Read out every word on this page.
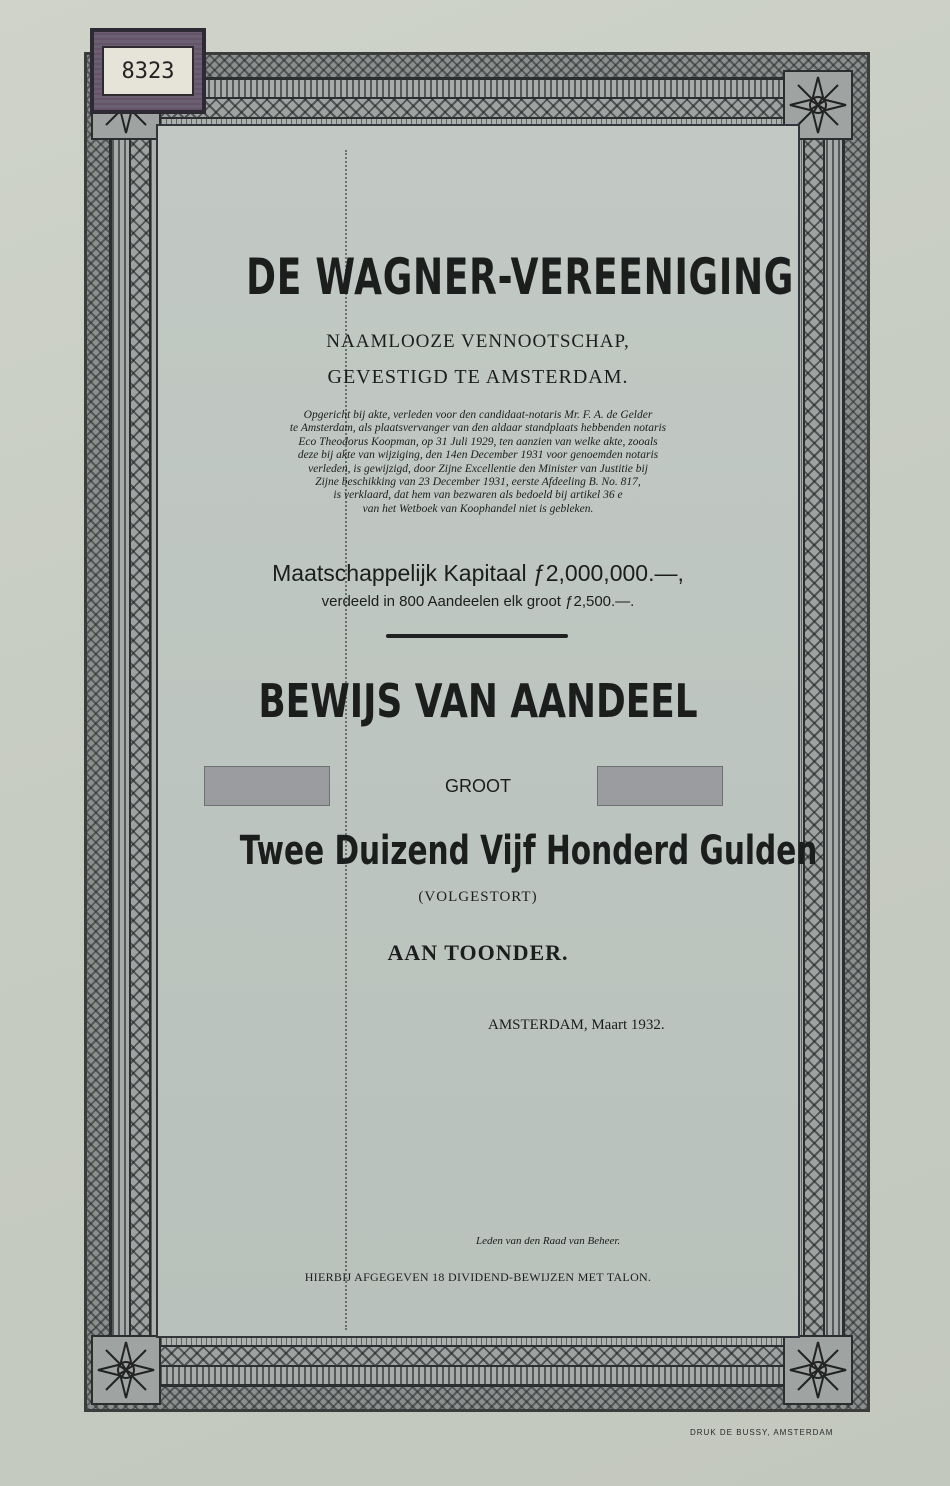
8323
DE WAGNER-VEREENIGING
NAAMLOOZE VENNOOTSCHAP,
GEVESTIGD TE AMSTERDAM.
Opgericht bij akte, verleden voor den candidaat-notaris Mr. F. A. de Gelder
te Amsterdam, als plaatsvervanger van den aldaar standplaats hebbenden notaris
Eco Theodorus Koopman, op 31 Juli 1929, ten aanzien van welke akte, zooals
deze bij akte van wijziging, den 14en December 1931 voor genoemden notaris
verleden, is gewijzigd, door Zijne Excellentie den Minister van Justitie bij
Zijne beschikking van 23 December 1931, eerste Afdeeling B. No. 817,
is verklaard, dat hem van bezwaren als bedoeld bij artikel 36 e
van het Wetboek van Koophandel niet is gebleken.
Maatschappelijk Kapitaal ƒ2,000,000.—,
verdeeld in 800 Aandeelen elk groot ƒ2,500.—.
BEWIJS VAN AANDEEL
GROOT
Twee Duizend Vijf Honderd Gulden
(VOLGESTORT)
AAN TOONDER.
AMSTERDAM, Maart 1932.
Leden van den Raad van Beheer.
HIERBIJ AFGEGEVEN 18 DIVIDEND-BEWIJZEN MET TALON.
DRUK DE BUSSY, AMSTERDAM
